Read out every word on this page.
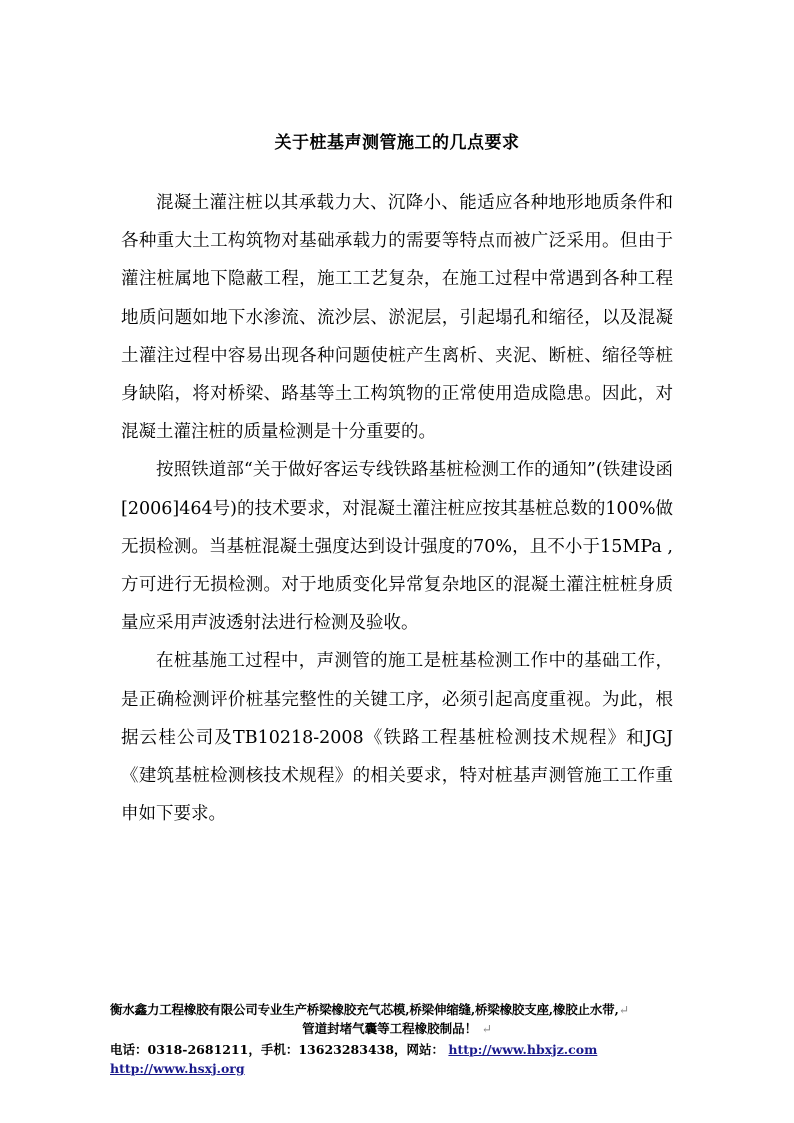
关于桩基声测管施工的几点要求

混凝土灌注桩以其承载力大、沉降小、能适应各种地形地质条件和各种重大土工构筑物对基础承载力的需要等特点而被广泛采用。但由于灌注桩属地下隐蔽工程，施工工艺复杂，在施工过程中常遇到各种工程地质问题如地下水渗流、流沙层、淤泥层，引起塌孔和缩径，以及混凝土灌注过程中容易出现各种问题使桩产生离析、夹泥、断桩、缩径等桩身缺陷，将对桥梁、路基等土工构筑物的正常使用造成隐患。因此，对混凝土灌注桩的质量检测是十分重要的。

按照铁道部“关于做好客运专线铁路基桩检测工作的通知”(铁建设函[2006]464号)的技术要求，对混凝土灌注桩应按其基桩总数的100%做无损检测。当基桩混凝土强度达到设计强度的70%，且不小于15MPa ,方可进行无损检测。对于地质变化异常复杂地区的混凝土灌注桩桩身质量应采用声波透射法进行检测及验收。

在桩基施工过程中，声测管的施工是桩基检测工作中的基础工作，是正确检测评价桩基完整性的关键工序，必须引起高度重视。为此，根据云桂公司及TB10218-2008《铁路工程基桩检测技术规程》和JGJ《建筑基桩检测核技术规程》的相关要求，特对桩基声测管施工工作重申如下要求。

衡水鑫力工程橡胶有限公司专业生产桥梁橡胶充气芯模,桥梁伸缩缝,桥梁橡胶支座,橡胶止水带,↵
管道封堵气囊等工程橡胶制品！ ↵
电话：0318-2681211，手机：13623283438，网站： http://www.hbxjz.com     http://www.hsxj.org
